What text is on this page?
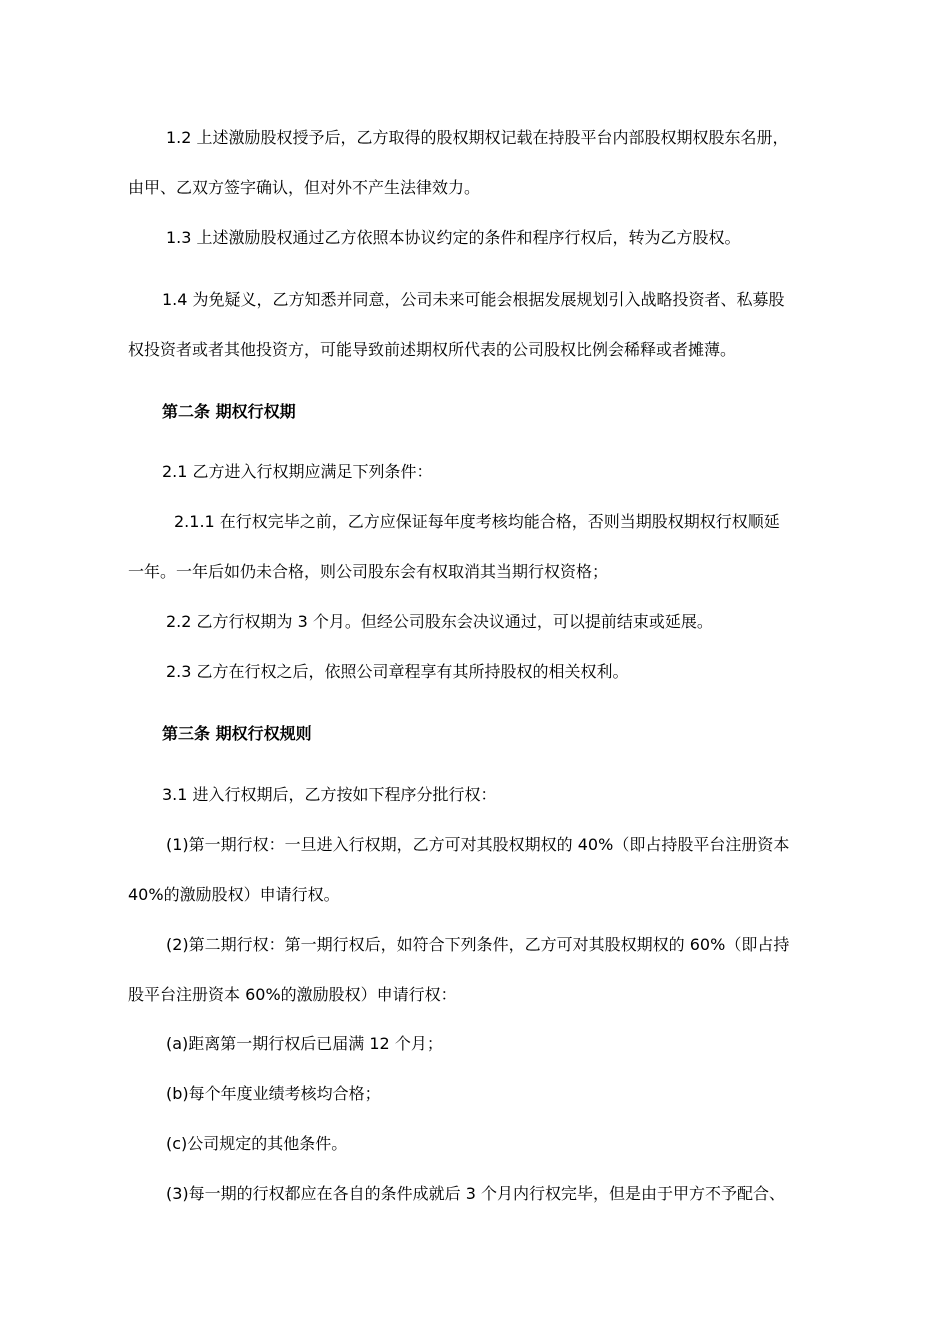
1.2 上述激励股权授予后，乙方取得的股权期权记载在持股平台内部股权期权股东名册，
由甲、乙双方签字确认，但对外不产生法律效力。
1.3 上述激励股权通过乙方依照本协议约定的条件和程序行权后，转为乙方股权。
1.4 为免疑义，乙方知悉并同意，公司未来可能会根据发展规划引入战略投资者、私募股
权投资者或者其他投资方，可能导致前述期权所代表的公司股权比例会稀释或者摊薄。
第二条 期权行权期
2.1 乙方进入行权期应满足下列条件：
2.1.1 在行权完毕之前，乙方应保证每年度考核均能合格，否则当期股权期权行权顺延
一年。一年后如仍未合格，则公司股东会有权取消其当期行权资格；
2.2 乙方行权期为 3 个月。但经公司股东会决议通过，可以提前结束或延展。
2.3 乙方在行权之后，依照公司章程享有其所持股权的相关权利。
第三条 期权行权规则
3.1 进入行权期后，乙方按如下程序分批行权：
(1)第一期行权：一旦进入行权期，乙方可对其股权期权的 40%（即占持股平台注册资本
40%的激励股权）申请行权。
(2)第二期行权：第一期行权后，如符合下列条件，乙方可对其股权期权的 60%（即占持
股平台注册资本 60%的激励股权）申请行权：
(a)距离第一期行权后已届满 12 个月；
(b)每个年度业绩考核均合格；
(c)公司规定的其他条件。
(3)每一期的行权都应在各自的条件成就后 3 个月内行权完毕，但是由于甲方不予配合、
